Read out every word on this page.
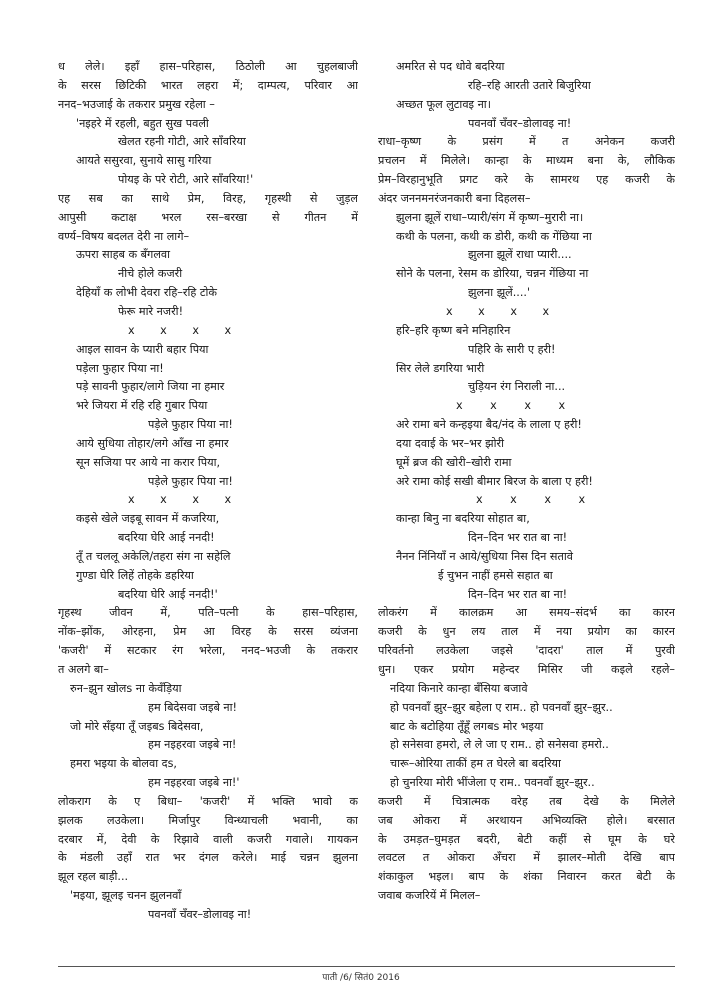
ध लेले। इहाँ हास–परिहास, ठिठोली आ चुहलबाजी
के सरस छिटिकी भारत लहरा में; दाम्पत्य, परिवार आ
ननद–भउजाई के तकरार प्रमुख रहेला –
'नइहरे में रहली, बहुत सुख पवली
खेलत रहनी गोटी, आरे साँवरिया
आयते ससुरवा, सुनाये सासु गरिया
पोयइ के परे रोटी, आरे साँवरिया!'
एह सब का साथे प्रेम, विरह, गृहस्थी से जुड़ल
आपुसी कटाक्ष भरल रस–बरखा से गीतन में
वर्ण्य–विषय बदलत देरी ना लागे–
ऊपरा साहब क बँगलवा
नीचे होले कजरी
देहियाँ क लोभी देवरा रहि–रहि टोके
फेरू मारे नजरी!
x x x x
आइल सावन के प्यारी बहार पिया
पड़ेला फुहार पिया ना!
पड़े सावनी फुहार/लागे जिया ना हमार
भरे जियरा में रहि रहि गुबार पिया
पड़ेले फुहार पिया ना!
आये सुधिया तोहार/लगे आँख ना हमार
सून सजिया पर आये ना करार पिया,
पड़ेले फुहार पिया ना!
x x x x
कइसे खेले जइबू सावन में कजरिया,
बदरिया घेरि आई ननदी!
तूँ त चललू अकेलि/तहरा संग ना सहेलि
गुण्डा घेरि लिहें तोहके डहरिया
बदरिया घेरि आई ननदी!'
गृहस्थ जीवन में, पति–पत्नी के हास–परिहास,
नोंक–झोंक, ओरहना, प्रेम आ विरह के सरस व्यंजना
'कजरी' में सटकार रंग भरेला, ननद–भउजी के तकरार
त अलगे बा–
रुन–झुन खोलs ना केवँड़िया
हम बिदेसवा जइबे ना!
जो मोरे सँइया तूँ जइबs बिदेसवा,
हम नइहरवा जइबे ना!
हमरा भइया के बोलवा दs,
हम नइहरवा जइबे ना!'
लोकराग के ए बिधा– 'कजरी' में भक्ति भावो क
झलक लउकेला। मिर्जापुर विन्ध्याचली भवानी, का
दरबार में, देवी के रिझावे वाली कजरी गवाले। गायकन
के मंडली उहाँ रात भर दंगल करेले। माई चन्नन झुलना
झूल रहल बाड़ी...
'मइया, झूलइ चनन झुलनवाँ
पवनवाँ चँवर–डोलावइ ना!
अमरित से पद धोवे बदरिया
रहि–रहि आरती उतारे बिजुरिया
अच्छत फूल लुटावइ ना।
पवनवाँ चँवर–डोलावइ ना!
राधा–कृष्ण के प्रसंग में त अनेकन कजरी
प्रचलन में मिलेले। कान्हा के माध्यम बना के, लौकिक
प्रेम–विरहानुभूति प्रगट करे के सामरथ एह कजरी के
अंदर जननमनरंजनकारी बना दिहलस–
झुलना झूलें राधा–प्यारी/संग में कृष्ण–मुरारी ना।
कथी के पलना, कथी क डोरी, कथी क गेंछिया ना
झुलना झूलें राधा प्यारी....
सोने के पलना, रेसम क डोरिया, चन्नन गेंछिया ना
झुलना झूलें....'
x x x x
हरि–हरि कृष्ण बने मनिहारिन
पहिरि के सारी ए हरी!
सिर लेले डगरिया भारी
चुड़ियन रंग निराली ना...
x x x x
अरे रामा बने कन्हइया बैद/नंद के लाला ए हरी!
दया दवाई के भर–भर झोरी
घूमें ब्रज की खोरी–खोरी रामा
अरे रामा कोई सखी बीमार बिरज के बाला ए हरी!
x x x x
कान्हा बिनु ना बदरिया सोहात बा,
दिन–दिन भर रात बा ना!
नैनन निंनियाँ न आये/सुधिया निस दिन सतावे
ई चुभन नाहीं हमसे सहात बा
दिन–दिन भर रात बा ना!
लोकरंग में कालक्रम आ समय–संदर्भ का कारन
कजरी के धुन लय ताल में नया प्रयोग का कारन
परिवर्तनो लउकेला जइसे 'दादरा' ताल में पुरवी
धुन। एकर प्रयोग महेन्दर मिसिर जी कइले रहले–
नदिया किनारे कान्हा बँसिया बजावे
हो पवनवाँ झुर–झुर बहेला ए राम.. हो पवनवाँ झुर–झुर..
बाट के बटोहिया तूँहूँ लगबs मोर भइया
हो सनेसवा हमरो, ले ले जा ए राम.. हो सनेसवा हमरो..
चारू–ओरिया ताकीं हम त घेरले बा बदरिया
हो चुनरिया मोरी भींजेला ए राम.. पवनवाँ झुर–झुर..
कजरी में चित्रात्मक वरेह तब देखे के मिलेले
जब ओकरा में अरथायन अभिव्यक्ति होले। बरसात
के उमड़त–घुमड़त बदरी, बेटी कहीं से घूम के घरे
लवटल त ओकरा अँचरा में झालर–मोती देखि बाप
शंकाकुल भइल। बाप के शंका निवारन करत बेटी के
जवाब कजरियें में मिलल–
पाती /6/ सितं0 2016
